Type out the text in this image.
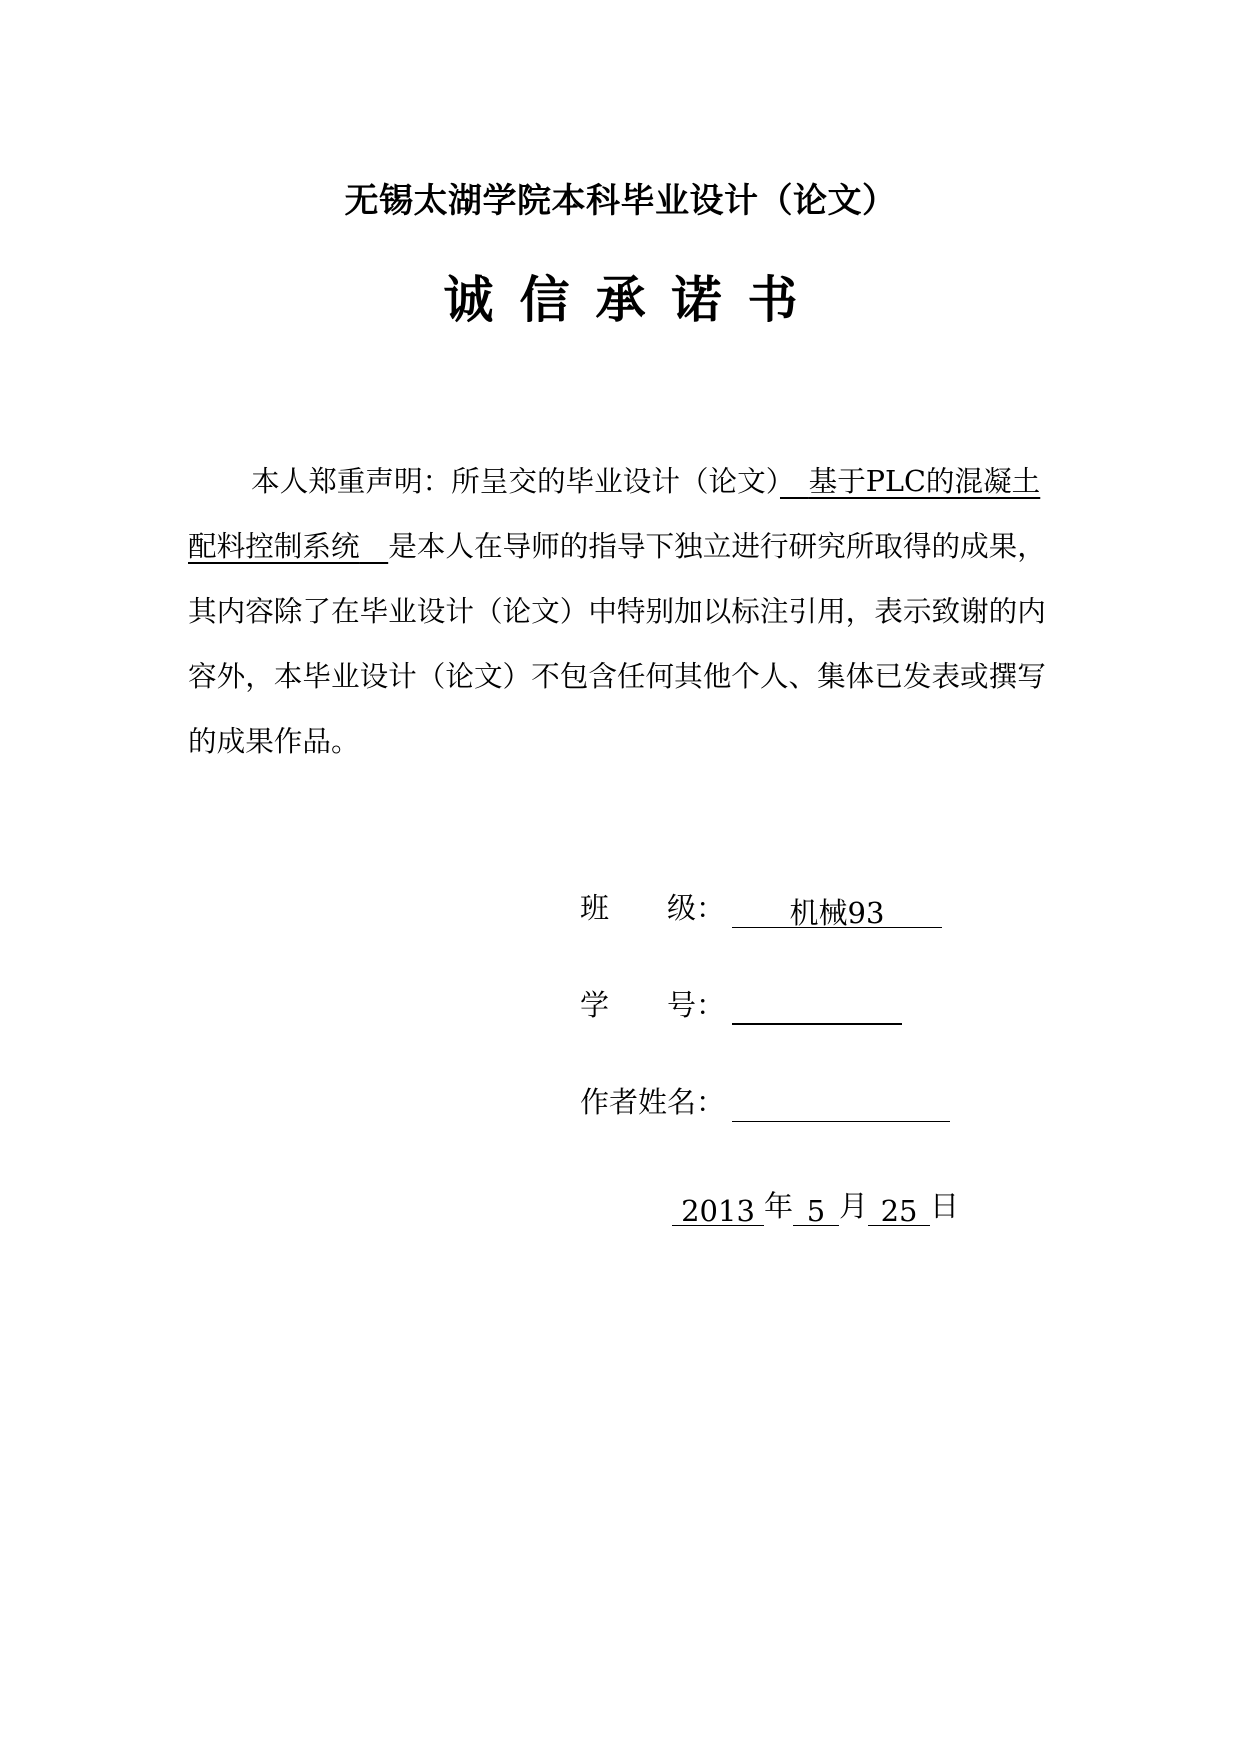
无锡太湖学院本科毕业设计（论文）
诚信承诺书

本人郑重声明：所呈交的毕业设计（论文）　 基于PLC的混凝土配料控制系统　 是本人在导师的指导下独立进行研究所取得的成果，其内容除了在毕业设计（论文）中特别加以标注引用，表示致谢的内容外，本毕业设计（论文）不包含任何其他个人、集体已发表或撰写的成果作品。

班　　级： 机械93
学　　号：
作者姓名：
2013 年 5 月 25 日
